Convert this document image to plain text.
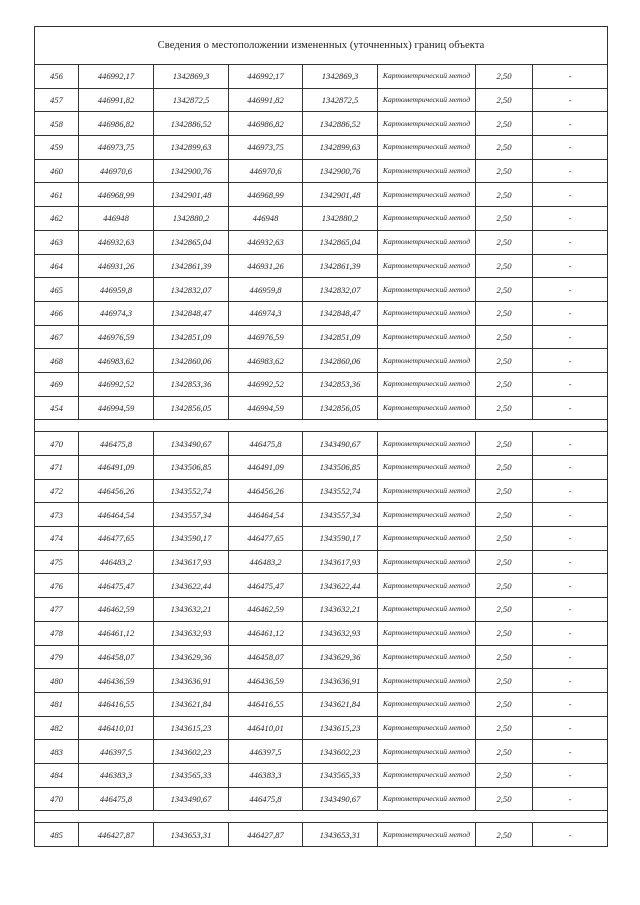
Сведения о местоположении измененных (уточненных) границ объекта							
456	446992,17	1342869,3	446992,17	1342869,3	Картометрический метод	2,50	-
457	446991,82	1342872,5	446991,82	1342872,5	Картометрический метод	2,50	-
458	446986,82	1342886,52	446986,82	1342886,52	Картометрический метод	2,50	-
459	446973,75	1342899,63	446973,75	1342899,63	Картометрический метод	2,50	-
460	446970,6	1342900,76	446970,6	1342900,76	Картометрический метод	2,50	-
461	446968,99	1342901,48	446968,99	1342901,48	Картометрический метод	2,50	-
462	446948	1342880,2	446948	1342880,2	Картометрический метод	2,50	-
463	446932,63	1342865,04	446932,63	1342865,04	Картометрический метод	2,50	-
464	446931,26	1342861,39	446931,26	1342861,39	Картометрический метод	2,50	-
465	446959,8	1342832,07	446959,8	1342832,07	Картометрический метод	2,50	-
466	446974,3	1342848,47	446974,3	1342848,47	Картометрический метод	2,50	-
467	446976,59	1342851,09	446976,59	1342851,09	Картометрический метод	2,50	-
468	446983,62	1342860,06	446983,62	1342860,06	Картометрический метод	2,50	-
469	446992,52	1342853,36	446992,52	1342853,36	Картометрический метод	2,50	-
454	446994,59	1342856,05	446994,59	1342856,05	Картометрический метод	2,50	-

470	446475,8	1343490,67	446475,8	1343490,67	Картометрический метод	2,50	-
471	446491,09	1343506,85	446491,09	1343506,85	Картометрический метод	2,50	-
472	446456,26	1343552,74	446456,26	1343552,74	Картометрический метод	2,50	-
473	446464,54	1343557,34	446464,54	1343557,34	Картометрический метод	2,50	-
474	446477,65	1343590,17	446477,65	1343590,17	Картометрический метод	2,50	-
475	446483,2	1343617,93	446483,2	1343617,93	Картометрический метод	2,50	-
476	446475,47	1343622,44	446475,47	1343622,44	Картометрический метод	2,50	-
477	446462,59	1343632,21	446462,59	1343632,21	Картометрический метод	2,50	-
478	446461,12	1343632,93	446461,12	1343632,93	Картометрический метод	2,50	-
479	446458,07	1343629,36	446458,07	1343629,36	Картометрический метод	2,50	-
480	446436,59	1343636,91	446436,59	1343636,91	Картометрический метод	2,50	-
481	446416,55	1343621,84	446416,55	1343621,84	Картометрический метод	2,50	-
482	446410,01	1343615,23	446410,01	1343615,23	Картометрический метод	2,50	-
483	446397,5	1343602,23	446397,5	1343602,23	Картометрический метод	2,50	-
484	446383,3	1343565,33	446383,3	1343565,33	Картометрический метод	2,50	-
470	446475,8	1343490,67	446475,8	1343490,67	Картометрический метод	2,50	-

485	446427,87	1343653,31	446427,87	1343653,31	Картометрический метод	2,50	-
